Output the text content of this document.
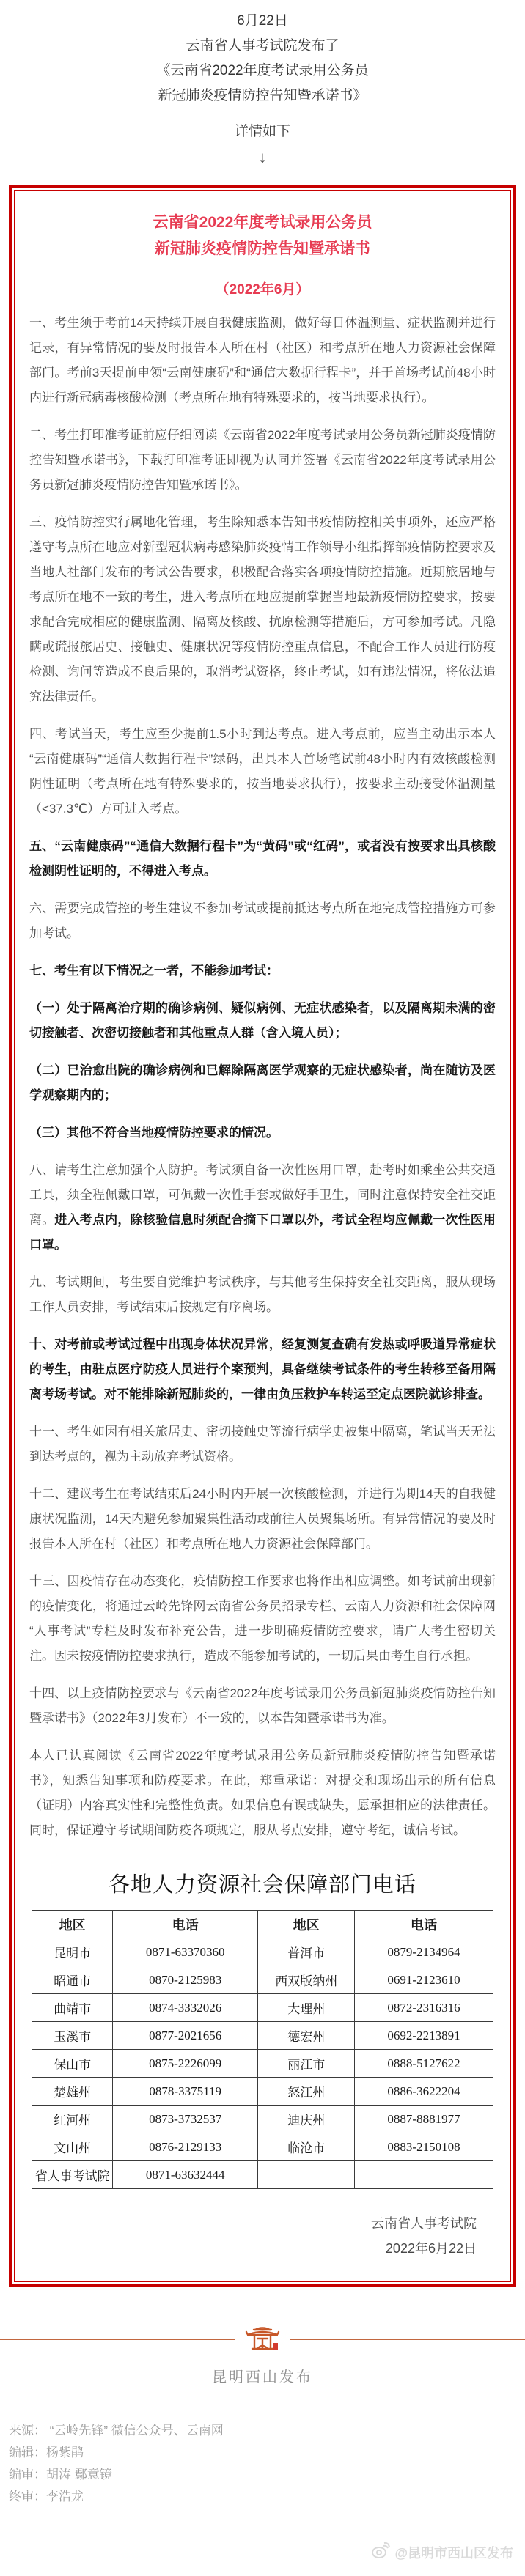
6月22日
云南省人事考试院发布了
《云南省2022年度考试录用公务员
新冠肺炎疫情防控告知暨承诺书》
详情如下
↓
云南省2022年度考试录用公务员
新冠肺炎疫情防控告知暨承诺书
（2022年6月）

一、考生须于考前14天持续开展自我健康监测，做好每日体温测量、症状监测并进行记录，有异常情况的要及时报告本人所在村（社区）和考点所在地人力资源社会保障部门。考前3天提前申领“云南健康码”和“通信大数据行程卡”，并于首场考试前48小时内进行新冠病毒核酸检测（考点所在地有特殊要求的，按当地要求执行）。

二、考生打印准考证前应仔细阅读《云南省2022年度考试录用公务员新冠肺炎疫情防控告知暨承诺书》，下载打印准考证即视为认同并签署《云南省2022年度考试录用公务员新冠肺炎疫情防控告知暨承诺书》。

三、疫情防控实行属地化管理，考生除知悉本告知书疫情防控相关事项外，还应严格遵守考点所在地应对新型冠状病毒感染肺炎疫情工作领导小组指挥部疫情防控要求及当地人社部门发布的考试公告要求，积极配合落实各项疫情防控措施。近期旅居地与考点所在地不一致的考生，进入考点所在地应提前掌握当地最新疫情防控要求，按要求配合完成相应的健康监测、隔离及核酸、抗原检测等措施后，方可参加考试。凡隐瞒或谎报旅居史、接触史、健康状况等疫情防控重点信息，不配合工作人员进行防疫检测、询问等造成不良后果的，取消考试资格，终止考试，如有违法情况，将依法追究法律责任。

四、考试当天，考生应至少提前1.5小时到达考点。进入考点前，应当主动出示本人“云南健康码”“通信大数据行程卡”绿码，出具本人首场笔试前48小时内有效核酸检测阴性证明（考点所在地有特殊要求的，按当地要求执行），按要求主动接受体温测量（<37.3℃）方可进入考点。

五、“云南健康码”“通信大数据行程卡”为“黄码”或“红码”，或者没有按要求出具核酸检测阴性证明的，不得进入考点。

六、需要完成管控的考生建议不参加考试或提前抵达考点所在地完成管控措施方可参加考试。

七、考生有以下情况之一者，不能参加考试：

（一）处于隔离治疗期的确诊病例、疑似病例、无症状感染者，以及隔离期未满的密切接触者、次密切接触者和其他重点人群（含入境人员）；

（二）已治愈出院的确诊病例和已解除隔离医学观察的无症状感染者，尚在随访及医学观察期内的；

（三）其他不符合当地疫情防控要求的情况。

八、请考生注意加强个人防护。考试须自备一次性医用口罩，赴考时如乘坐公共交通工具，须全程佩戴口罩，可佩戴一次性手套或做好手卫生，同时注意保持安全社交距离。进入考点内，除核验信息时须配合摘下口罩以外，考试全程均应佩戴一次性医用口罩。

九、考试期间，考生要自觉维护考试秩序，与其他考生保持安全社交距离，服从现场工作人员安排，考试结束后按规定有序离场。

十、对考前或考试过程中出现身体状况异常，经复测复查确有发热或呼吸道异常症状的考生，由驻点医疗防疫人员进行个案预判，具备继续考试条件的考生转移至备用隔离考场考试。对不能排除新冠肺炎的，一律由负压救护车转运至定点医院就诊排查。

十一、考生如因有相关旅居史、密切接触史等流行病学史被集中隔离，笔试当天无法到达考点的，视为主动放弃考试资格。

十二、建议考生在考试结束后24小时内开展一次核酸检测，并进行为期14天的自我健康状况监测，14天内避免参加聚集性活动或前往人员聚集场所。有异常情况的要及时报告本人所在村（社区）和考点所在地人力资源社会保障部门。

十三、因疫情存在动态变化，疫情防控工作要求也将作出相应调整。如考试前出现新的疫情变化，将通过云岭先锋网云南省公务员招录专栏、云南人力资源和社会保障网“人事考试”专栏及时发布补充公告，进一步明确疫情防控要求，请广大考生密切关注。因未按疫情防控要求执行，造成不能参加考试的，一切后果由考生自行承担。

十四、以上疫情防控要求与《云南省2022年度考试录用公务员新冠肺炎疫情防控告知暨承诺书》（2022年3月发布）不一致的，以本告知暨承诺书为准。

本人已认真阅读《云南省2022年度考试录用公务员新冠肺炎疫情防控告知暨承诺书》，知悉告知事项和防疫要求。在此，郑重承诺：对提交和现场出示的所有信息（证明）内容真实性和完整性负责。如果信息有误或缺失，愿承担相应的法律责任。同时，保证遵守考试期间防疫各项规定，服从考点安排，遵守考纪，诚信考试。

各地人力资源社会保障部门电话
地区	电话	地区	电话
昆明市	0871-63370360	普洱市	0879-2134964
昭通市	0870-2125983	西双版纳州	0691-2123610
曲靖市	0874-3332026	大理州	0872-2316316
玉溪市	0877-2021656	德宏州	0692-2213891
保山市	0875-2226099	丽江市	0888-5127622
楚雄州	0878-3375119	怒江州	0886-3622204
红河州	0873-3732537	迪庆州	0887-8881977
文山州	0876-2129133	临沧市	0883-2150108
省人事考试院	0871-63632444		
云南省人事考试院
2022年6月22日
昆明西山发布
来源： “云岭先锋” 微信公众号、云南网
编辑：杨紫鹃
编审：胡涛 鄢意镜
终审：李浩龙
@昆明市西山区发布
